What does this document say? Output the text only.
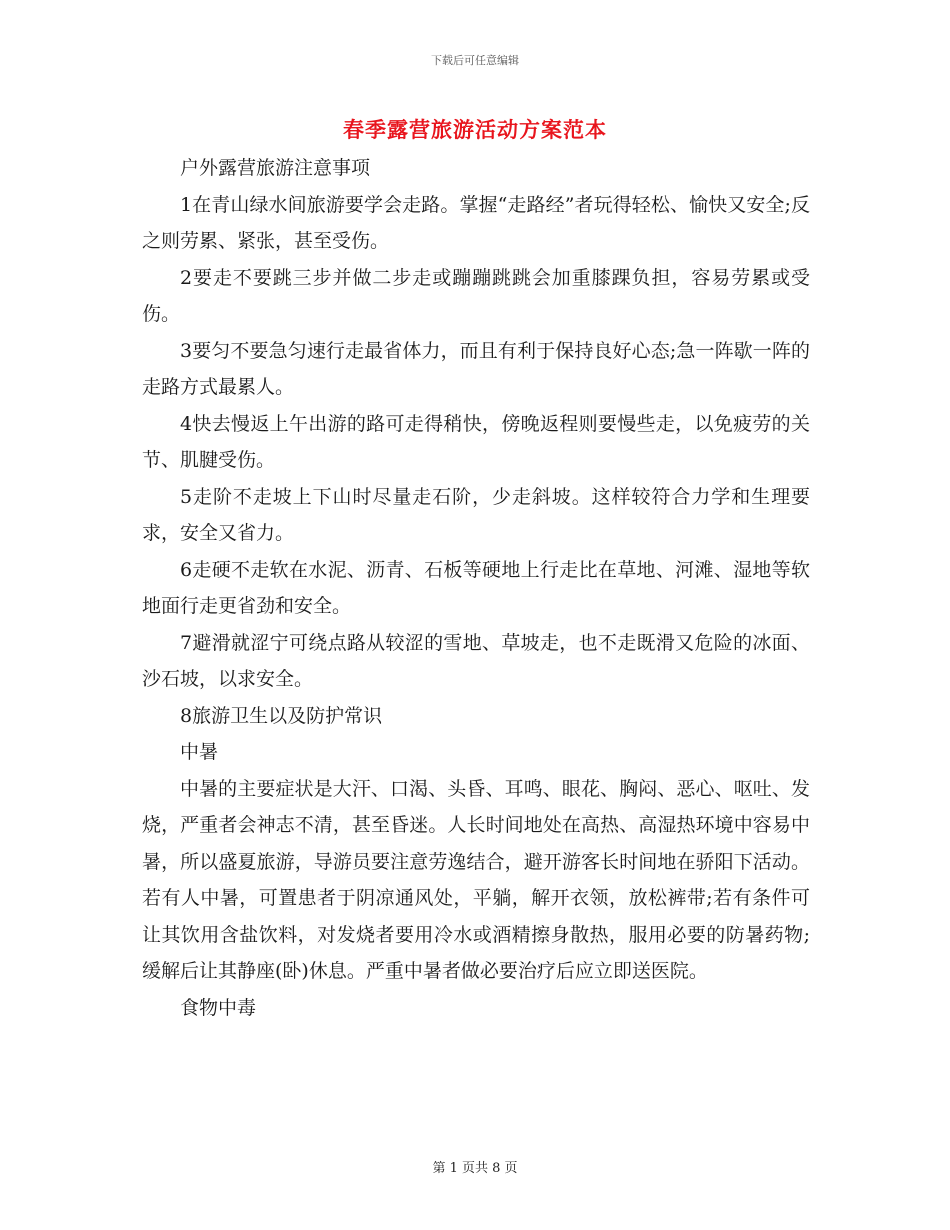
下载后可任意编辑
春季露营旅游活动方案范本

户外露营旅游注意事项

1在青山绿水间旅游要学会走路。掌握“走路经”者玩得轻松、愉快又安全;反之则劳累、紧张，甚至受伤。

2要走不要跳三步并做二步走或蹦蹦跳跳会加重膝踝负担，容易劳累或受伤。

3要匀不要急匀速行走最省体力，而且有利于保持良好心态;急一阵歇一阵的走路方式最累人。

4快去慢返上午出游的路可走得稍快，傍晚返程则要慢些走，以免疲劳的关节、肌腱受伤。

5走阶不走坡上下山时尽量走石阶，少走斜坡。这样较符合力学和生理要求，安全又省力。

6走硬不走软在水泥、沥青、石板等硬地上行走比在草地、河滩、湿地等软地面行走更省劲和安全。

7避滑就涩宁可绕点路从较涩的雪地、草坡走，也不走既滑又危险的冰面、沙石坡，以求安全。

8旅游卫生以及防护常识

中暑

中暑的主要症状是大汗、口渴、头昏、耳鸣、眼花、胸闷、恶心、呕吐、发烧，严重者会神志不清，甚至昏迷。人长时间地处在高热、高湿热环境中容易中暑，所以盛夏旅游，导游员要注意劳逸结合，避开游客长时间地在骄阳下活动。若有人中暑，可置患者于阴凉通风处，平躺，解开衣领，放松裤带;若有条件可让其饮用含盐饮料，对发烧者要用冷水或酒精擦身散热，服用必要的防暑药物;缓解后让其静座(卧)休息。严重中暑者做必要治疗后应立即送医院。

食物中毒

第 1 页共 8 页
